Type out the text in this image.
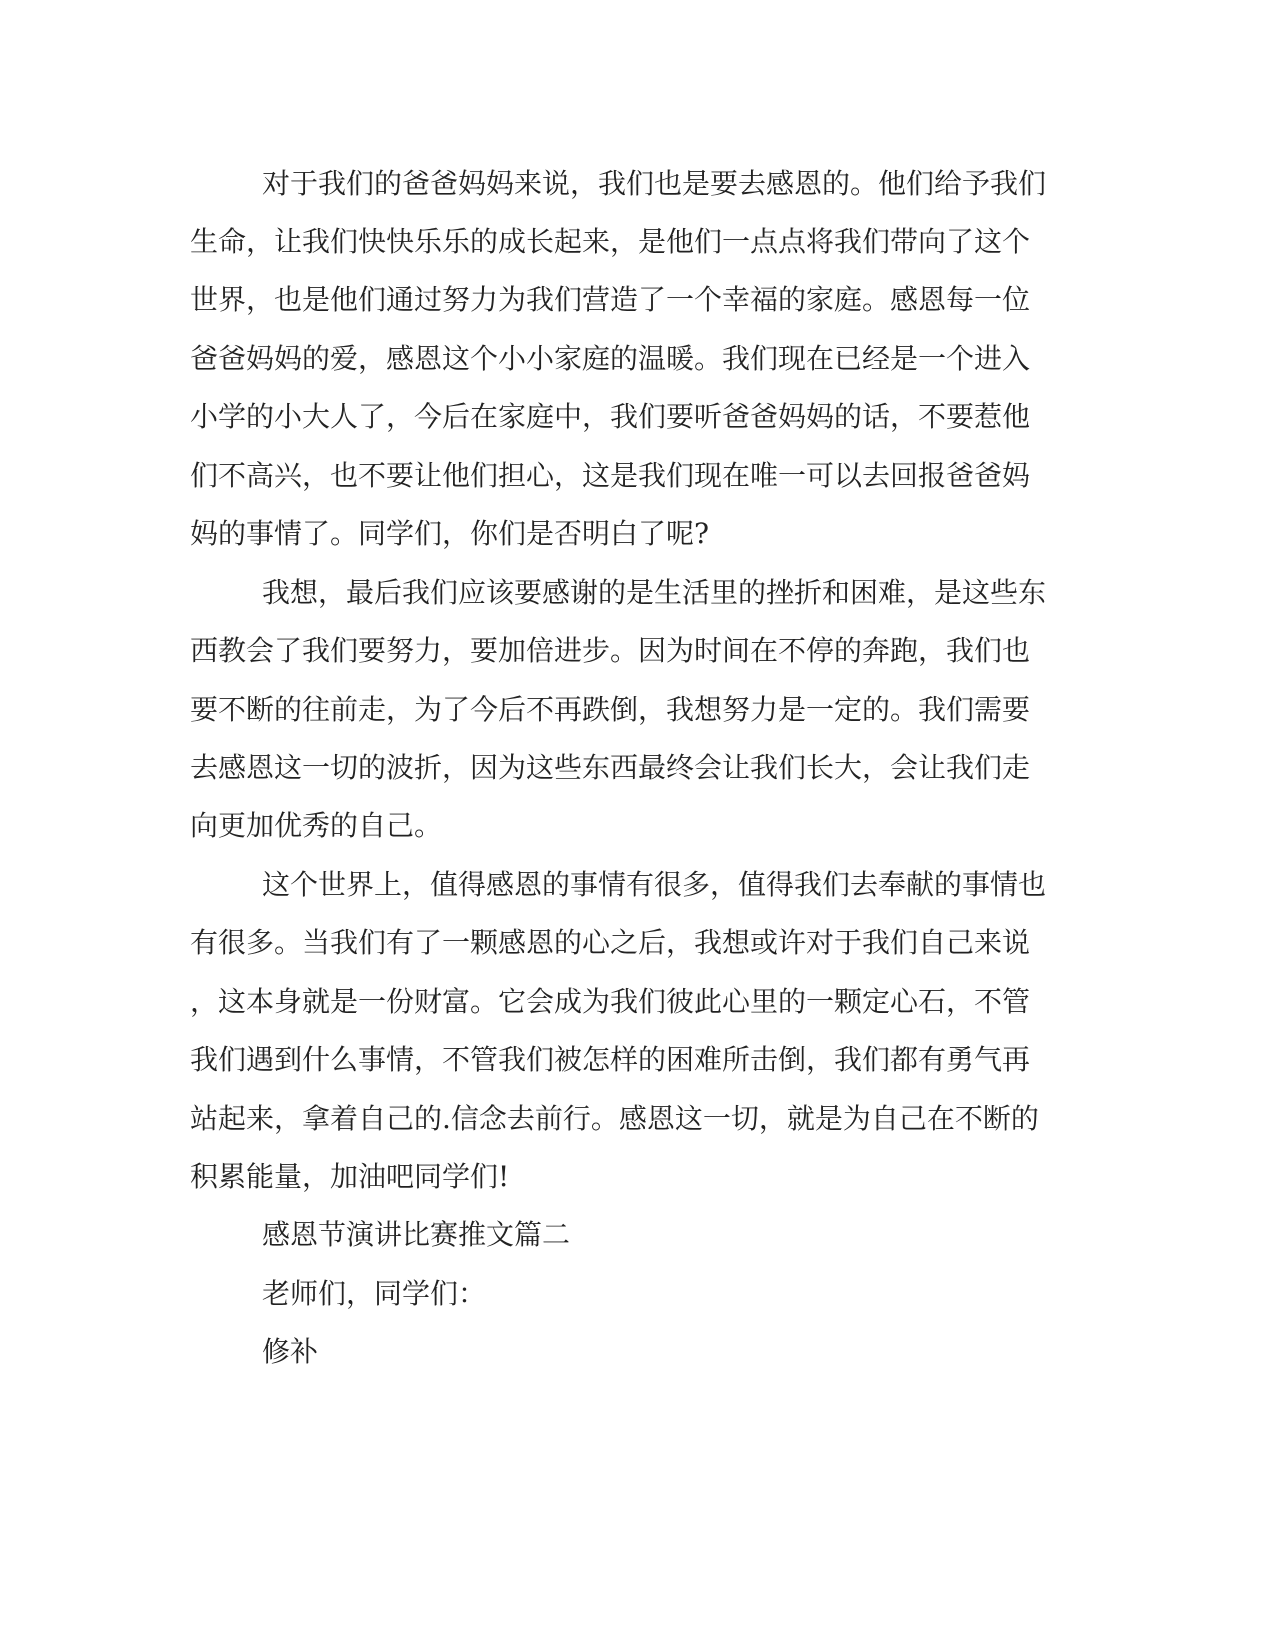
对于我们的爸爸妈妈来说，我们也是要去感恩的。他们给予我们

生命，让我们快快乐乐的成长起来，是他们一点点将我们带向了这个

世界，也是他们通过努力为我们营造了一个幸福的家庭。感恩每一位

爸爸妈妈的爱，感恩这个小小家庭的温暖。我们现在已经是一个进入

小学的小大人了，今后在家庭中，我们要听爸爸妈妈的话，不要惹他

们不高兴，也不要让他们担心，这是我们现在唯一可以去回报爸爸妈

妈的事情了。同学们，你们是否明白了呢?

我想，最后我们应该要感谢的是生活里的挫折和困难，是这些东

西教会了我们要努力，要加倍进步。因为时间在不停的奔跑，我们也

要不断的往前走，为了今后不再跌倒，我想努力是一定的。我们需要

去感恩这一切的波折，因为这些东西最终会让我们长大，会让我们走

向更加优秀的自己。

这个世界上，值得感恩的事情有很多，值得我们去奉献的事情也

有很多。当我们有了一颗感恩的心之后，我想或许对于我们自己来说

，这本身就是一份财富。它会成为我们彼此心里的一颗定心石，不管

我们遇到什么事情，不管我们被怎样的困难所击倒，我们都有勇气再

站起来，拿着自己的.信念去前行。感恩这一切，就是为自己在不断的

积累能量，加油吧同学们!

感恩节演讲比赛推文篇二

老师们，同学们：

修补
